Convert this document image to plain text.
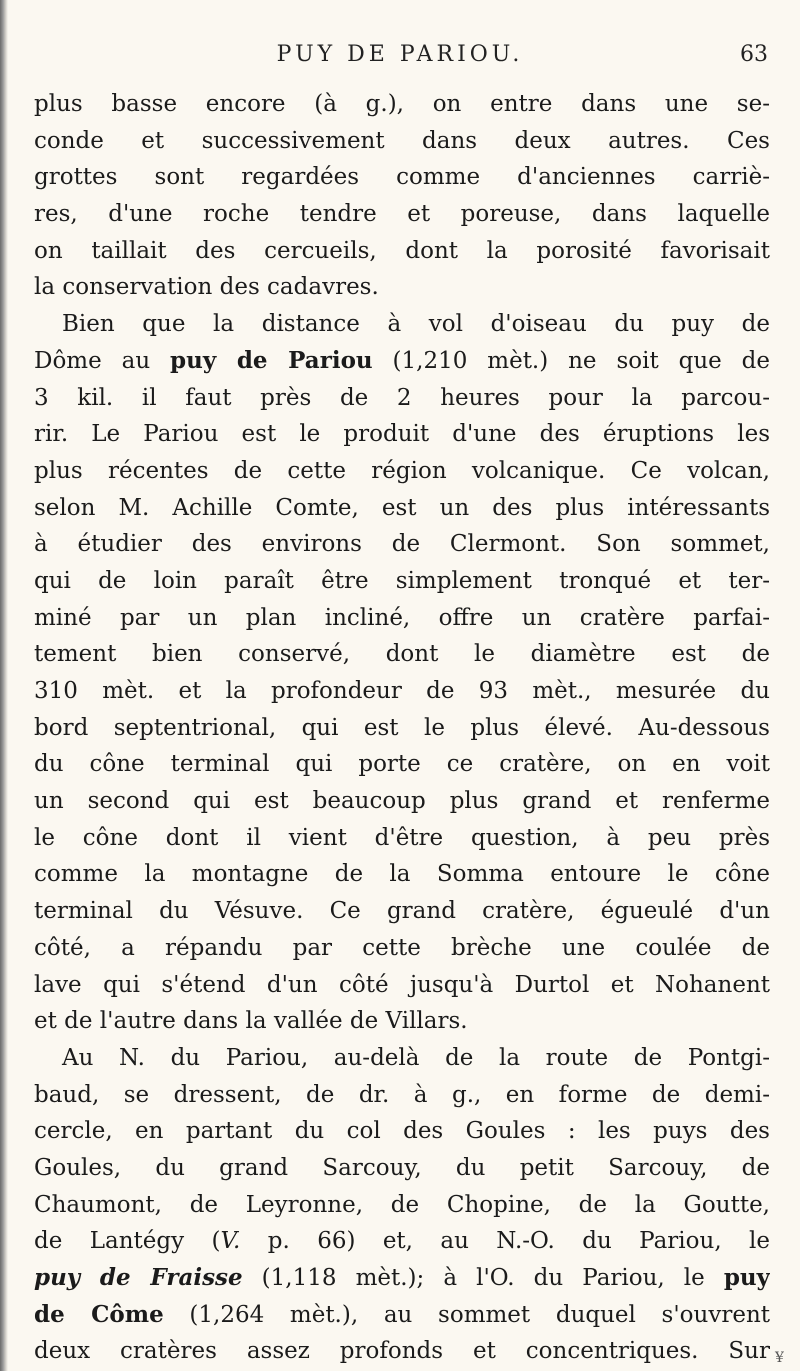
PUY DE PARIOU.	63
plus basse encore (à g.), on entre dans une se-
conde et successivement dans deux autres. Ces
grottes sont regardées comme d'anciennes carriè-
res, d'une roche tendre et poreuse, dans laquelle
on taillait des cercueils, dont la porosité favorisait
la conservation des cadavres.
Bien que la distance à vol d'oiseau du puy de
Dôme au puy de Pariou (1,210 mèt.) ne soit que de
3 kil. il faut près de 2 heures pour la parcou-
rir. Le Pariou est le produit d'une des éruptions les
plus récentes de cette région volcanique. Ce volcan,
selon M. Achille Comte, est un des plus intéressants
à étudier des environs de Clermont. Son sommet,
qui de loin paraît être simplement tronqué et ter-
miné par un plan incliné, offre un cratère parfai-
tement bien conservé, dont le diamètre est de
310 mèt. et la profondeur de 93 mèt., mesurée du
bord septentrional, qui est le plus élevé. Au-dessous
du cône terminal qui porte ce cratère, on en voit
un second qui est beaucoup plus grand et renferme
le cône dont il vient d'être question, à peu près
comme la montagne de la Somma entoure le cône
terminal du Vésuve. Ce grand cratère, égueulé d'un
côté, a répandu par cette brèche une coulée de
lave qui s'étend d'un côté jusqu'à Durtol et Nohanent
et de l'autre dans la vallée de Villars.
Au N. du Pariou, au-delà de la route de Pontgi-
baud, se dressent, de dr. à g., en forme de demi-
cercle, en partant du col des Goules : les puys des
Goules, du grand Sarcouy, du petit Sarcouy, de
Chaumont, de Leyronne, de Chopine, de la Goutte,
de Lantégy (V. p. 66) et, au N.-O. du Pariou, le
puy de Fraisse (1,118 mèt.); à l'O. du Pariou, le puy
de Côme (1,264 mèt.), au sommet duquel s'ouvrent
deux cratères assez profonds et concentriques. Sur ¥
